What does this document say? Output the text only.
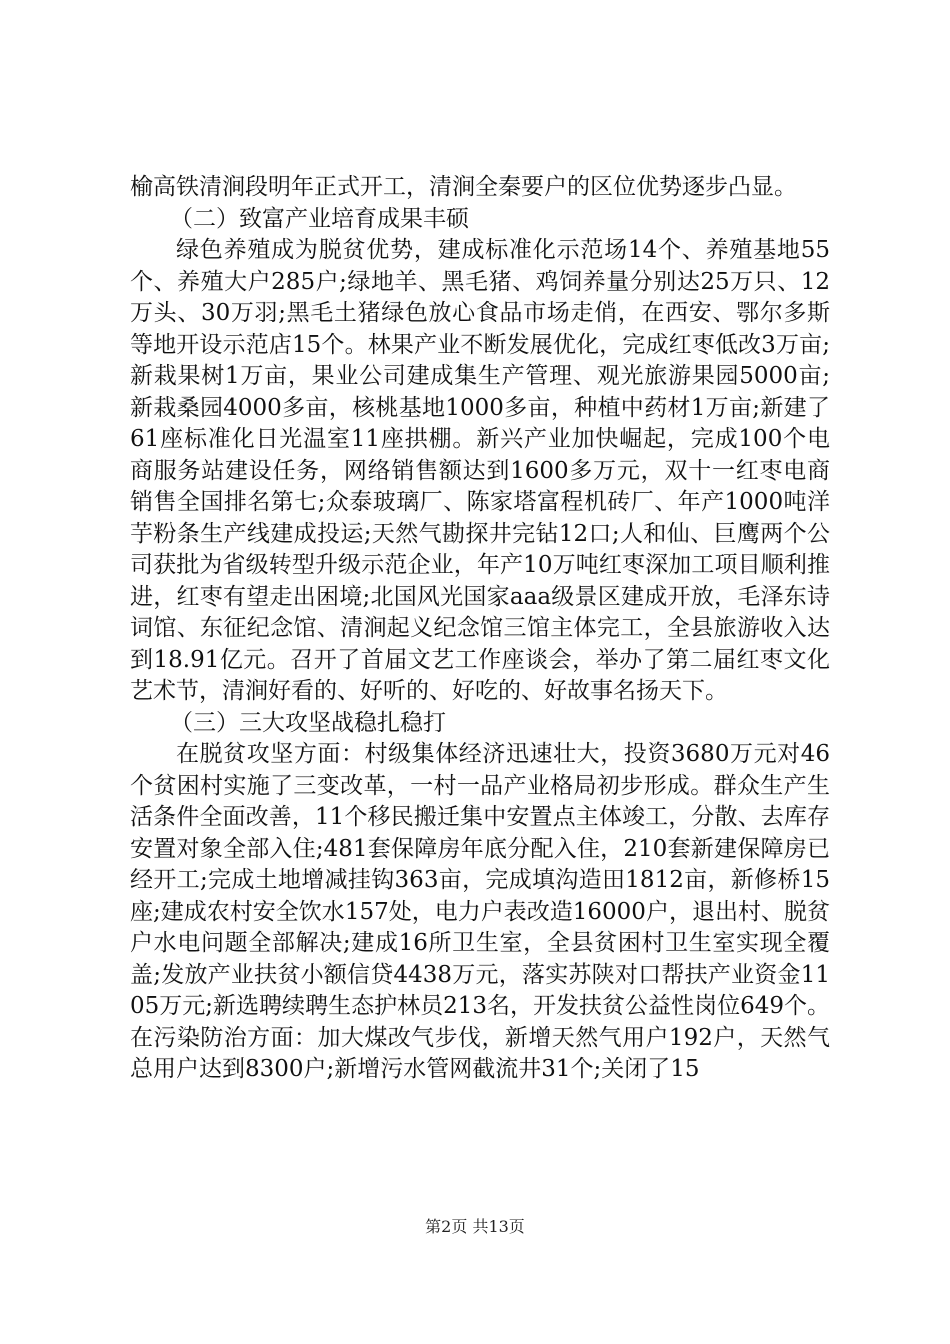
榆高铁清涧段明年正式开工，清涧全秦要户的区位优势逐步凸显。

（二）致富产业培育成果丰硕

绿色养殖成为脱贫优势，建成标准化示范场14个、养殖基地55个、养殖大户285户;绿地羊、黑毛猪、鸡饲养量分别达25万只、12万头、30万羽;黑毛土猪绿色放心食品市场走俏，在西安、鄂尔多斯等地开设示范店15个。林果产业不断发展优化，完成红枣低改3万亩;新栽果树1万亩，果业公司建成集生产管理、观光旅游果园5000亩;新栽桑园4000多亩，核桃基地1000多亩，种植中药材1万亩;新建了61座标准化日光温室11座拱棚。新兴产业加快崛起，完成100个电商服务站建设任务，网络销售额达到1600多万元，双十一红枣电商销售全国排名第七;众泰玻璃厂、陈家塔富程机砖厂、年产1000吨洋芋粉条生产线建成投运;天然气勘探井完钻12口;人和仙、巨鹰两个公司获批为省级转型升级示范企业，年产10万吨红枣深加工项目顺利推进，红枣有望走出困境;北国风光国家aaa级景区建成开放，毛泽东诗词馆、东征纪念馆、清涧起义纪念馆三馆主体完工，全县旅游收入达到18.91亿元。召开了首届文艺工作座谈会，举办了第二届红枣文化艺术节，清涧好看的、好听的、好吃的、好故事名扬天下。

（三）三大攻坚战稳扎稳打

在脱贫攻坚方面：村级集体经济迅速壮大，投资3680万元对46个贫困村实施了三变改革，一村一品产业格局初步形成。群众生产生活条件全面改善，11个移民搬迁集中安置点主体竣工，分散、去库存安置对象全部入住;481套保障房年底分配入住，210套新建保障房已经开工;完成土地增减挂钩363亩，完成填沟造田1812亩，新修桥15座;建成农村安全饮水157处，电力户表改造16000户，退出村、脱贫户水电问题全部解决;建成16所卫生室，全县贫困村卫生室实现全覆盖;发放产业扶贫小额信贷4438万元，落实苏陕对口帮扶产业资金1105万元;新选聘续聘生态护林员213名，开发扶贫公益性岗位649个。在污染防治方面：加大煤改气步伐，新增天然气用户192户，天然气总用户达到8300户;新增污水管网截流井31个;关闭了15

第2页 共13页
